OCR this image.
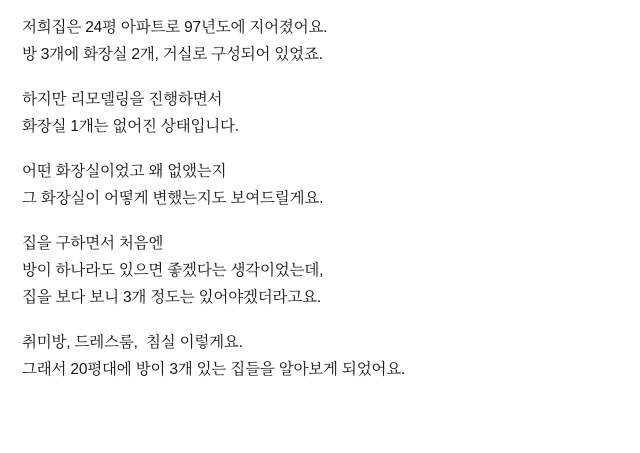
저희집은 24평 아파트로 97년도에 지어졌어요.
방 3개에 화장실 2개, 거실로 구성되어 있었죠.
하지만 리모델링을 진행하면서
화장실 1개는 없어진 상태입니다.
어떤 화장실이었고 왜 없앴는지
그 화장실이 어떻게 변했는지도 보여드릴게요.
집을 구하면서 처음엔
방이 하나라도 있으면 좋겠다는 생각이었는데,
집을 보다 보니 3개 정도는 있어야겠더라고요.
취미방, 드레스룸,  침실 이렇게요.
그래서 20평대에 방이 3개 있는 집들을 알아보게 되었어요.
